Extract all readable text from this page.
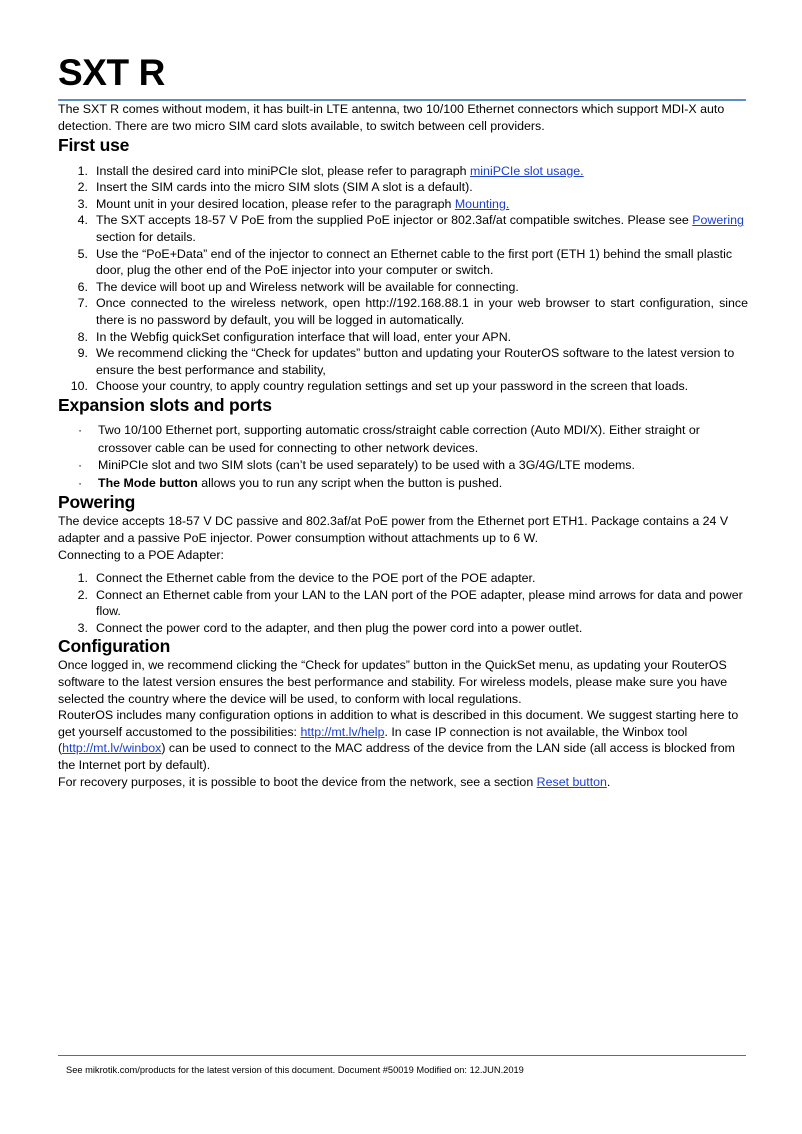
SXT R

The SXT R comes without modem, it has built-in LTE antenna, two 10/100 Ethernet connectors which support MDI-X auto detection. There are two micro SIM card slots available, to switch between cell providers.

First use
1. Install the desired card into miniPCIe slot, please refer to paragraph miniPCIe slot usage.
2. Insert the SIM cards into the micro SIM slots (SIM A slot is a default).
3. Mount unit in your desired location, please refer to the paragraph Mounting.
4. The SXT accepts 18-57 V PoE from the supplied PoE injector or 802.3af/at compatible switches. Please see Powering section for details.
5. Use the “PoE+Data” end of the injector to connect an Ethernet cable to the first port (ETH 1) behind the small plastic door, plug the other end of the PoE injector into your computer or switch.
6. The device will boot up and Wireless network will be available for connecting.
7. Once connected to the wireless network, open http://192.168.88.1 in your web browser to start configuration, since there is no password by default, you will be logged in automatically.
8. In the Webfig quickSet configuration interface that will load, enter your APN.
9. We recommend clicking the “Check for updates” button and updating your RouterOS software to the latest version to ensure the best performance and stability,
10. Choose your country, to apply country regulation settings and set up your password in the screen that loads.
Expansion slots and ports
· Two 10/100 Ethernet port, supporting automatic cross/straight cable correction (Auto MDI/X). Either straight or crossover cable can be used for connecting to other network devices.
· MiniPCIe slot and two SIM slots (can’t be used separately) to be used with a 3G/4G/LTE modems.
· The Mode button allows you to run any script when the button is pushed.
Powering

The device accepts 18-57 V DC passive and 802.3af/at PoE power from the Ethernet port ETH1. Package contains a 24 V adapter and a passive PoE injector. Power consumption without attachments up to 6 W.

Connecting to a POE Adapter:

1. Connect the Ethernet cable from the device to the POE port of the POE adapter.
2. Connect an Ethernet cable from your LAN to the LAN port of the POE adapter, please mind arrows for data and power flow.
3. Connect the power cord to the adapter, and then plug the power cord into a power outlet.
Configuration

Once logged in, we recommend clicking the “Check for updates” button in the QuickSet menu, as updating your RouterOS software to the latest version ensures the best performance and stability. For wireless models, please make sure you have selected the country where the device will be used, to conform with local regulations.

RouterOS includes many configuration options in addition to what is described in this document. We suggest starting here to get yourself accustomed to the possibilities: http://mt.lv/help. In case IP connection is not available, the Winbox tool (http://mt.lv/winbox) can be used to connect to the MAC address of the device from the LAN side (all access is blocked from the Internet port by default).

For recovery purposes, it is possible to boot the device from the network, see a section Reset button.

See mikrotik.com/products for the latest version of this document. Document #50019 Modified on: 12.JUN.2019
